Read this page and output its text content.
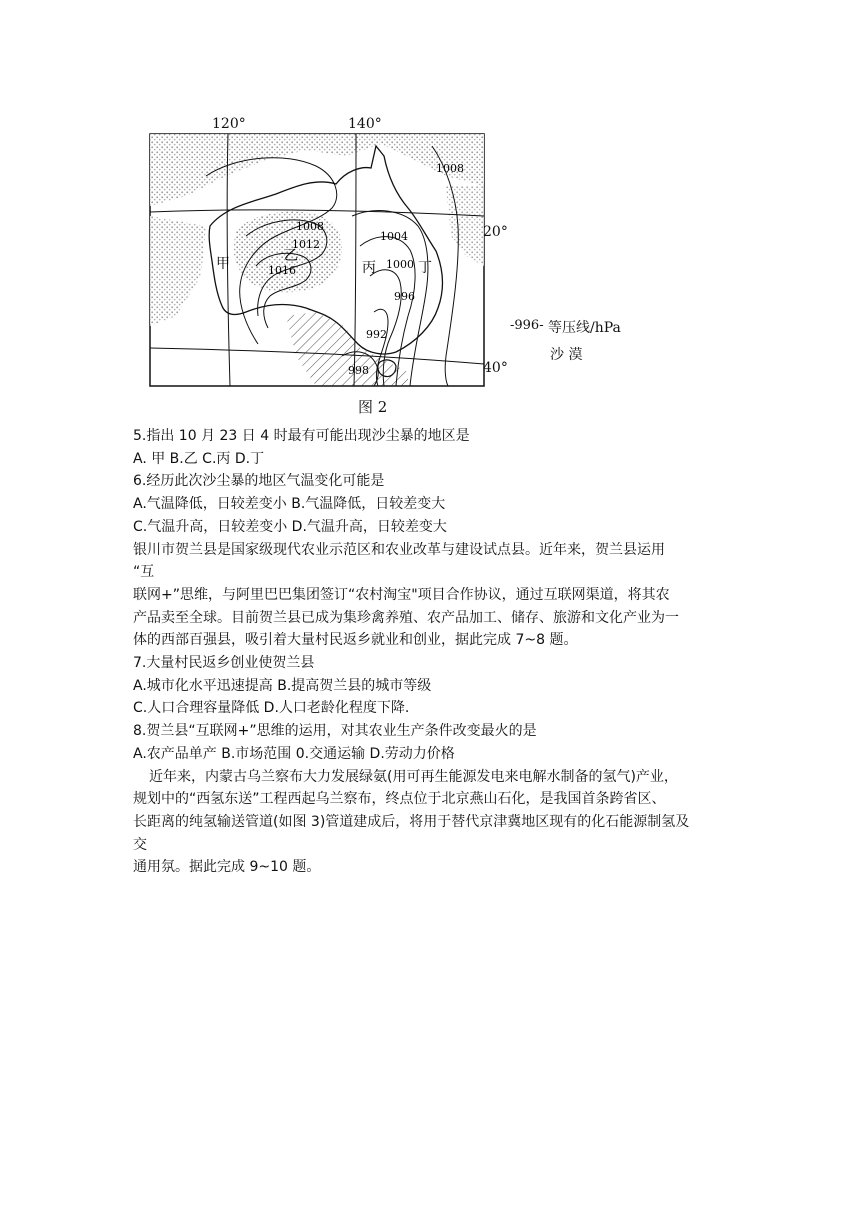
1008
1008
1012
1016
1004
1000
996
992
998
甲	乙
丙	丁
120°	140°
20°
40°
-996- 等压线/hPa
沙 漠
图 2

5.指出 10 月 23 日 4 时最有可能出现沙尘暴的地区是

A. 甲 B.乙 C.丙 D.丁

6.经历此次沙尘暴的地区气温变化可能是

A.气温降低，日较差变小 B.气温降低，日较差变大

C.气温升高，日较差变小 D.气温升高，日较差变大

银川市贺兰县是国家级现代农业示范区和农业改革与建设试点县。近年来，贺兰县运用

“互

联网+”思维，与阿里巴巴集团签订“农村淘宝"项目合作协议，通过互联网渠道，将其农

产品卖至全球。目前贺兰县已成为集珍禽养殖、农产品加工、储存、旅游和文化产业为一

体的西部百强县，吸引着大量村民返乡就业和创业，据此完成 7~8 题。

7.大量村民返乡创业使贺兰县

A.城市化水平迅速提高 B.提高贺兰县的城市等级

C.人口合理容量降低 D.人口老龄化程度下降.

8.贺兰县“互联网+”思维的运用，对其农业生产条件改变最火的是

A.农产品单产 B.市场范围 0.交通运输 D.劳动力价格

近年来，内蒙古乌兰察布大力发展绿氨(用可再生能源发电来电解水制备的氢气)产业，

规划中的“西氢东送”工程西起乌兰察布，终点位于北京燕山石化，是我国首条跨省区、

长距离的纯氢输送管道(如图 3)管道建成后，将用于替代京津冀地区现有的化石能源制氢及

交

通用氛。据此完成 9~10 题。
